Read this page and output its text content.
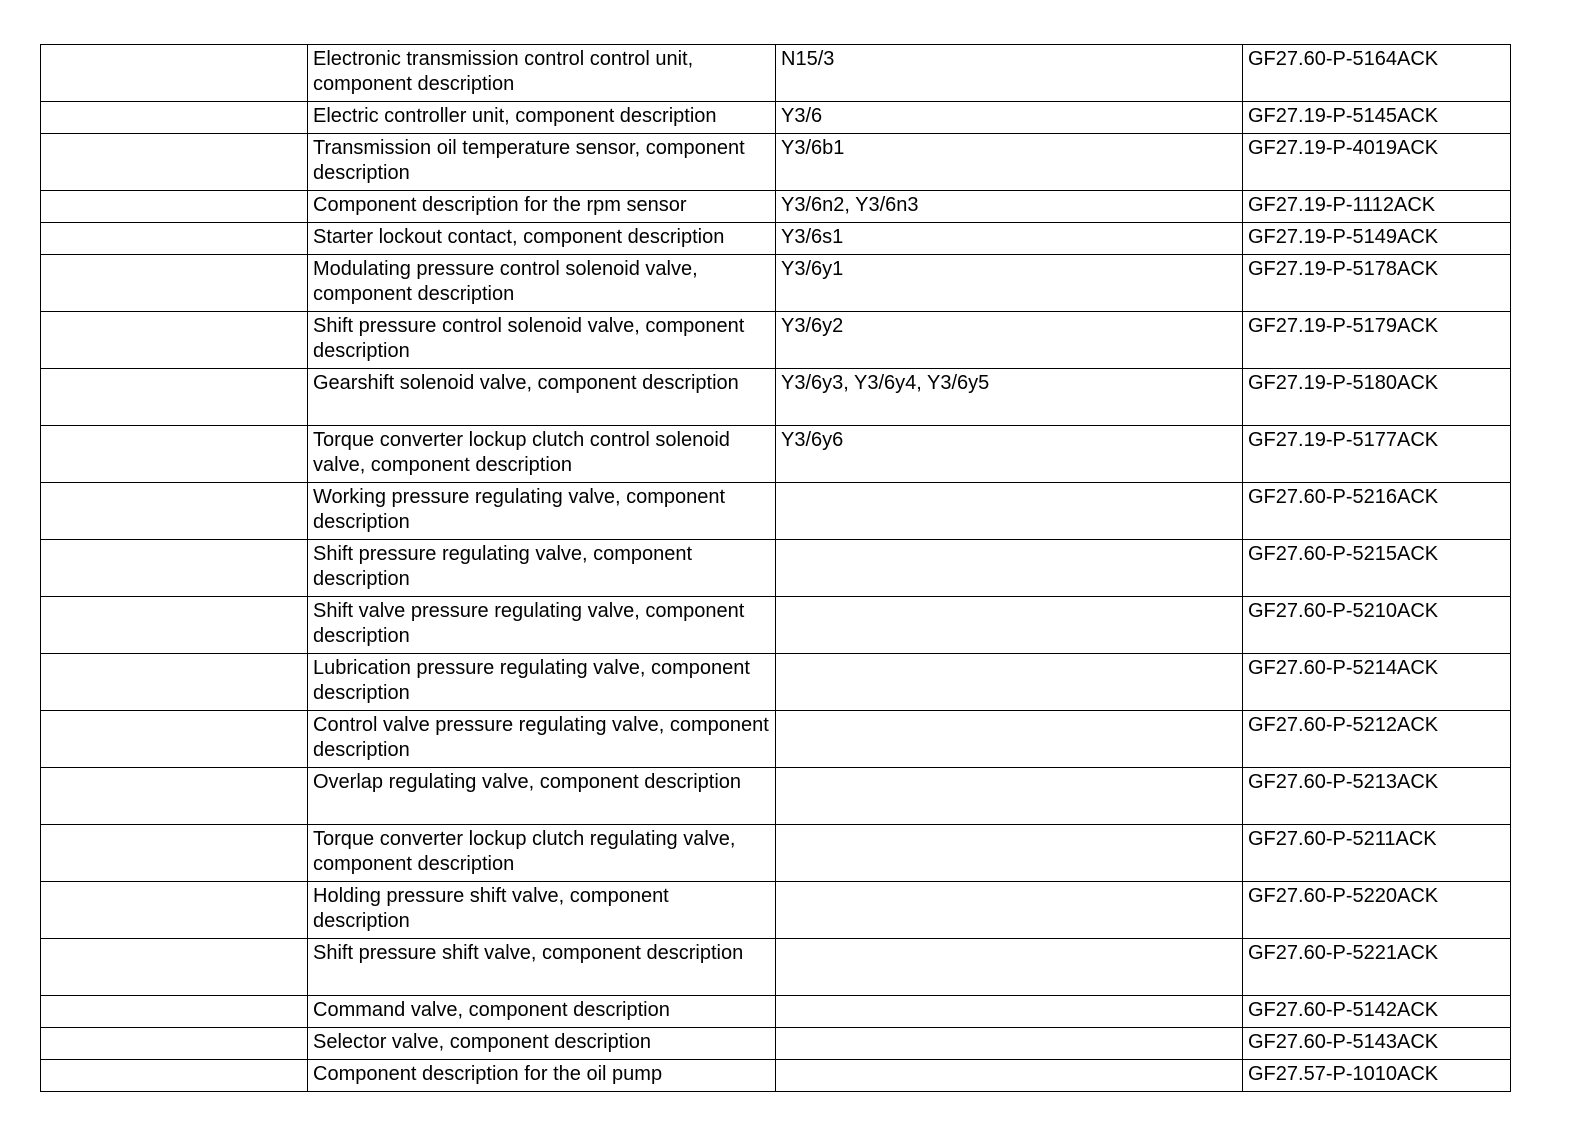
	Electronic transmission control control unit, component description	N15/3	GF27.60-P-5164ACK
	Electric controller unit, component description	Y3/6	GF27.19-P-5145ACK
	Transmission oil temperature sensor, component description	Y3/6b1	GF27.19-P-4019ACK
	Component description for the rpm sensor	Y3/6n2, Y3/6n3	GF27.19-P-1112ACK
	Starter lockout contact, component description	Y3/6s1	GF27.19-P-5149ACK
	Modulating pressure control solenoid valve, component description	Y3/6y1	GF27.19-P-5178ACK
	Shift pressure control solenoid valve, component description	Y3/6y2	GF27.19-P-5179ACK
	Gearshift solenoid valve, component description	Y3/6y3, Y3/6y4, Y3/6y5	GF27.19-P-5180ACK
	Torque converter lockup clutch control solenoid valve, component description	Y3/6y6	GF27.19-P-5177ACK
	Working pressure regulating valve, component description		GF27.60-P-5216ACK
	Shift pressure regulating valve, component description		GF27.60-P-5215ACK
	Shift valve pressure regulating valve, component description		GF27.60-P-5210ACK
	Lubrication pressure regulating valve, component description		GF27.60-P-5214ACK
	Control valve pressure regulating valve, component description		GF27.60-P-5212ACK
	Overlap regulating valve, component description		GF27.60-P-5213ACK
	Torque converter lockup clutch regulating valve, component description		GF27.60-P-5211ACK
	Holding pressure shift valve, component description		GF27.60-P-5220ACK
	Shift pressure shift valve, component description		GF27.60-P-5221ACK
	Command valve, component description		GF27.60-P-5142ACK
	Selector valve, component description		GF27.60-P-5143ACK
	Component description for the oil pump		GF27.57-P-1010ACK
